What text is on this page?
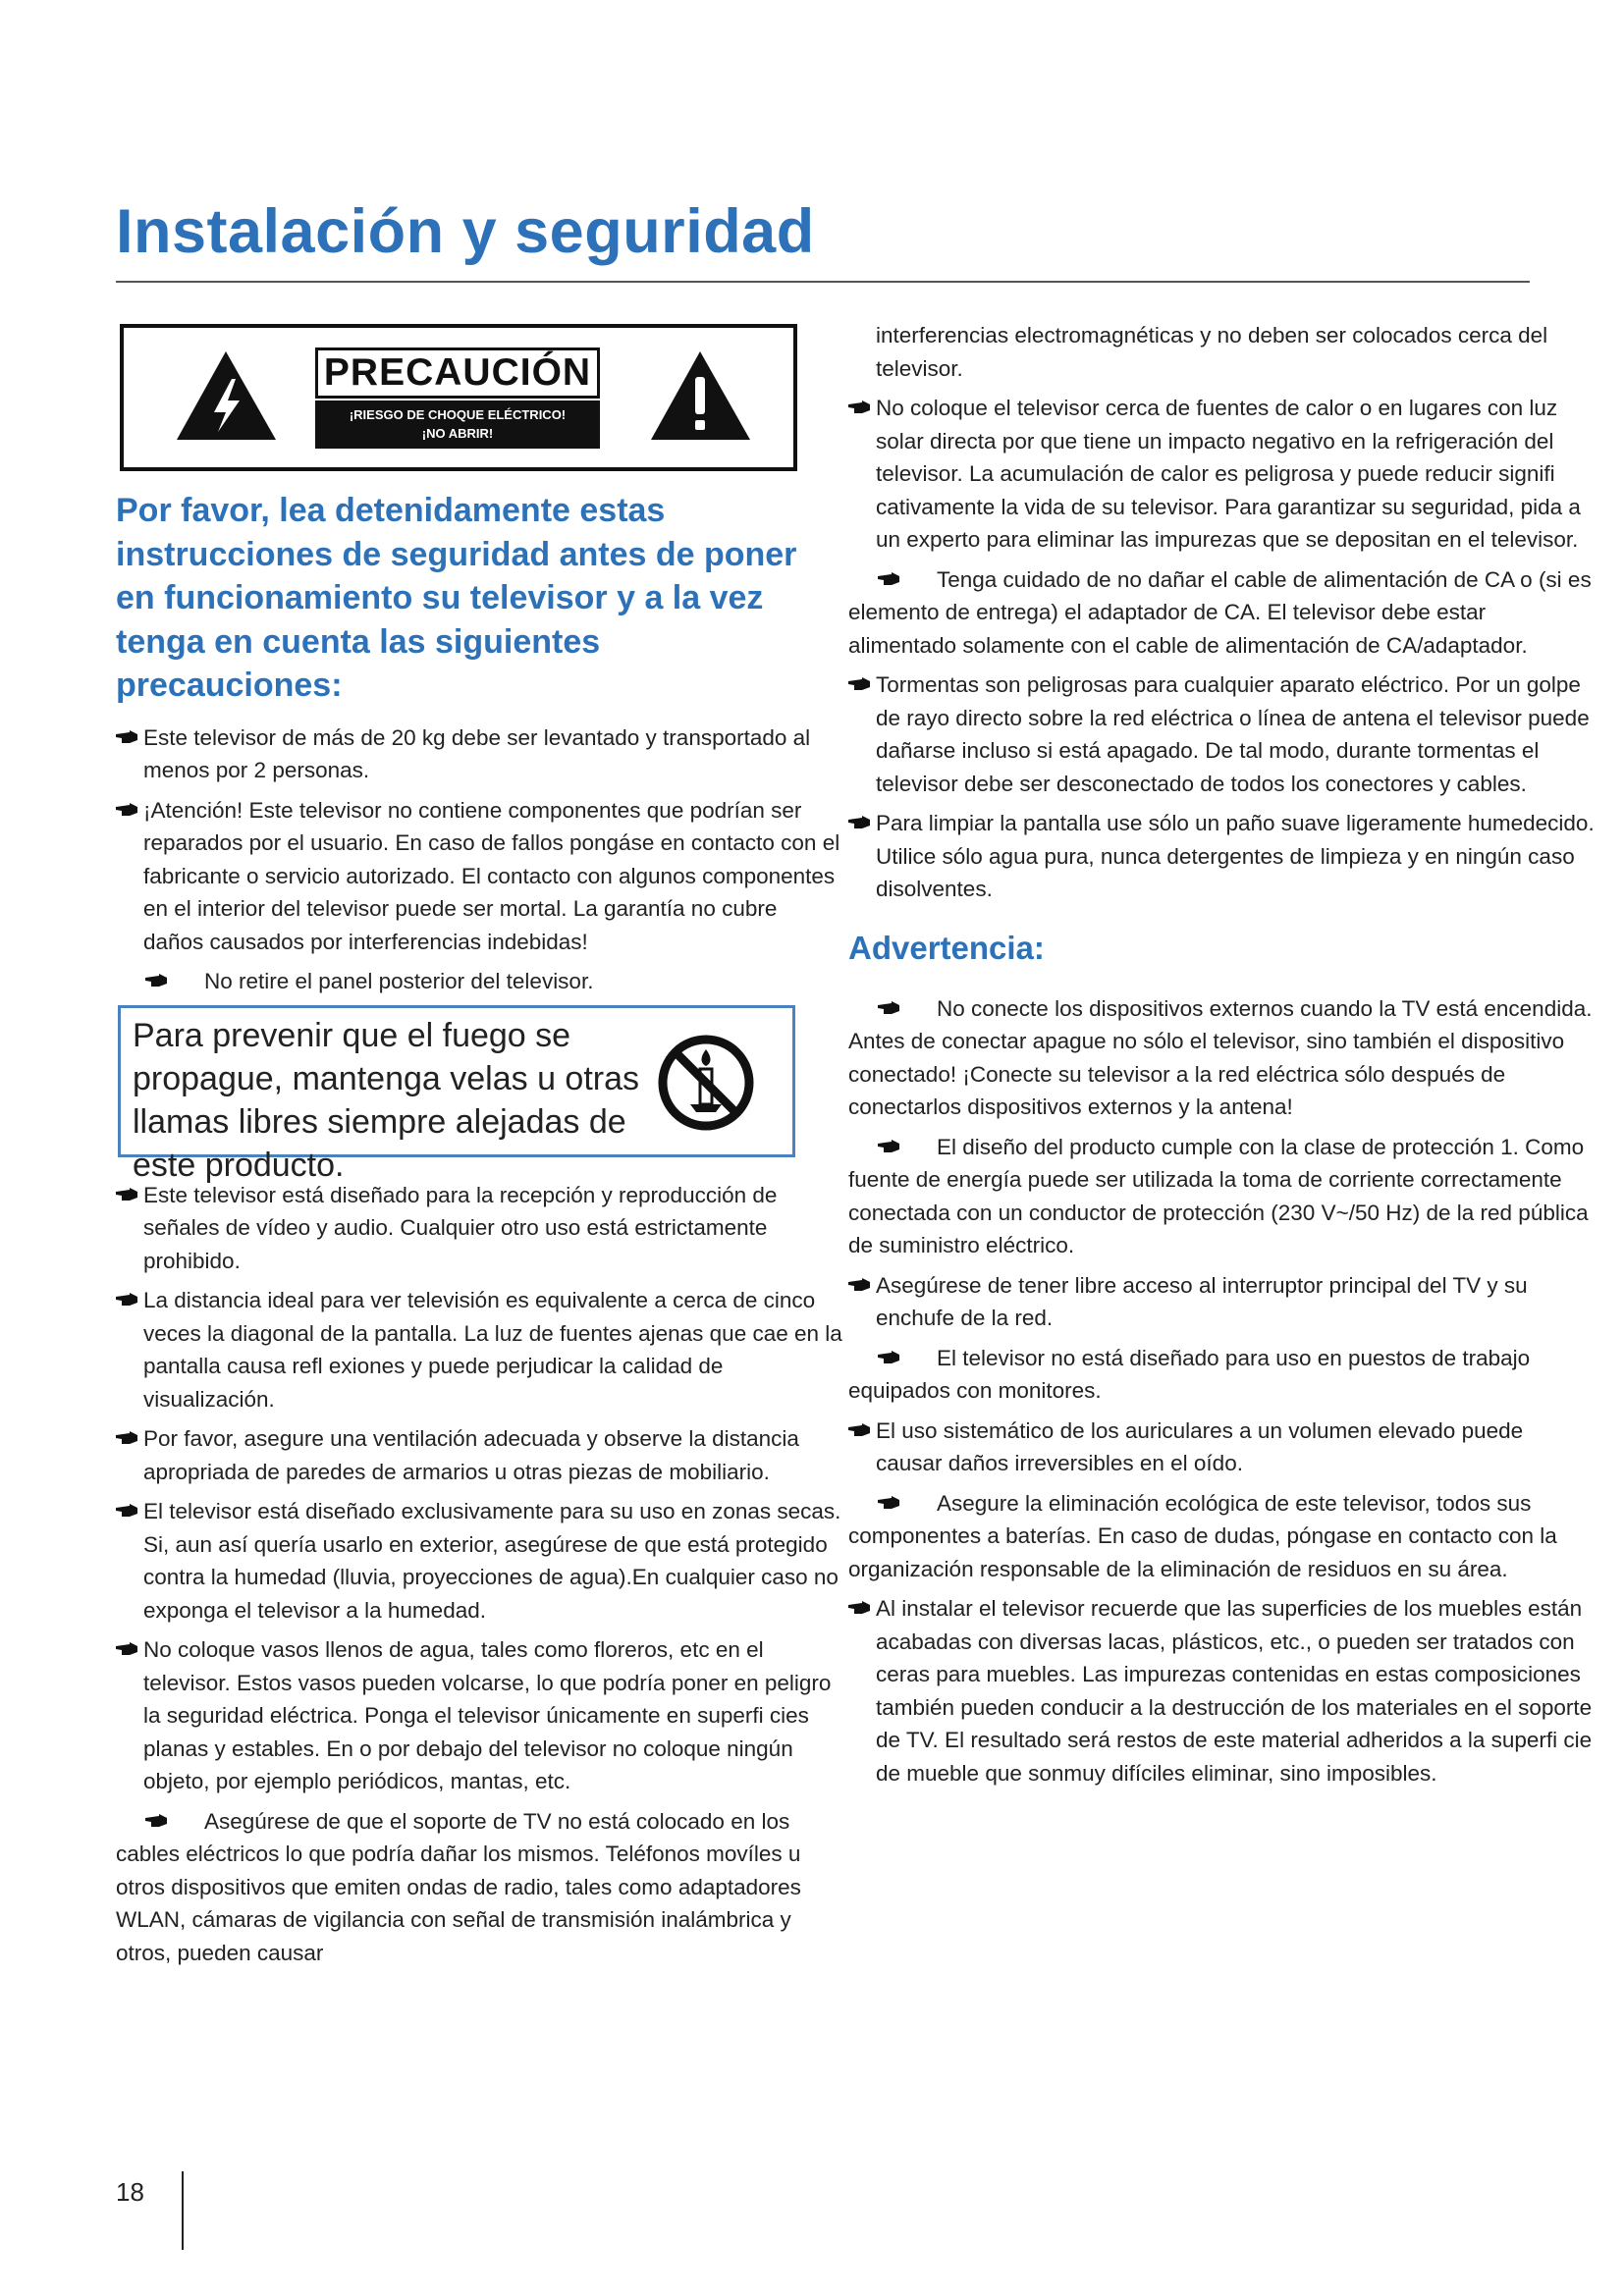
Instalación y seguridad
PRECAUCIÓN
¡RIESGO DE CHOQUE ELÉCTRICO!
¡NO ABRIR!

Por favor, lea detenidamente estas instrucciones de seguridad antes de poner en funcionamiento su televisor y a la vez tenga en cuenta las siguientes precauciones:

Este televisor de más de 20 kg debe ser levantado y transportado al menos por 2 personas.
¡Atención! Este televisor no contiene componentes que podrían ser reparados por el usuario. En caso de fallos pongáse en contacto con el fabricante o servicio autorizado. El contacto con algunos componentes en el interior del televisor puede ser mortal. La garantía no cubre daños causados por interferencias indebidas!
No retire el panel posterior del televisor.
Para prevenir que el fuego se propague, mantenga velas u otras llamas libres siempre alejadas de este producto.
Este televisor está diseñado para la recepción y reproducción de señales de vídeo y audio. Cualquier otro uso está estrictamente prohibido.
La distancia ideal para ver televisión es equivalente a cerca de cinco veces la diagonal de la pantalla. La luz de fuentes ajenas que cae en la pantalla causa refl exiones y puede perjudicar la calidad de visualización.
Por favor, asegure una ventilación adecuada y observe la distancia apropriada de paredes de armarios u otras piezas de mobiliario.
El televisor está diseñado exclusivamente para su uso en zonas secas. Si, aun así quería usarlo en exterior, asegúrese de que está protegido contra la humedad (lluvia, proyecciones de agua).En cualquier caso no exponga el televisor a la humedad.
No coloque vasos llenos de agua, tales como floreros, etc en el televisor. Estos vasos pueden volcarse, lo que podría poner en peligro la seguridad eléctrica. Ponga el televisor únicamente en superfi cies planas y estables. En o por debajo del televisor no coloque ningún objeto, por ejemplo periódicos, mantas, etc.
Asegúrese de que el soporte de TV no está colocado en los cables eléctricos lo que podría dañar los mismos. Teléfonos movíles u otros dispositivos que emiten ondas de radio, tales como adaptadores WLAN, cámaras de vigilancia con señal de transmisión inalámbrica y otros, pueden causar
interferencias electromagnéticas y no deben ser colocados cerca del televisor.
No coloque el televisor cerca de fuentes de calor o en lugares con luz solar directa por que tiene un impacto negativo en la refrigeración del televisor. La acumulación de calor es peligrosa y puede reducir signifi cativamente la vida de su televisor. Para garantizar su seguridad, pida a un experto para eliminar las impurezas que se depositan en el televisor.
Tenga cuidado de no dañar el cable de alimentación de CA o (si es elemento de entrega) el adaptador de CA. El televisor debe estar alimentado solamente con el cable de alimentación de CA/adaptador.
Tormentas son peligrosas para cualquier aparato eléctrico. Por un golpe de rayo directo sobre la red eléctrica o línea de antena el televisor puede dañarse incluso si está apagado. De tal modo, durante tormentas el televisor debe ser desconectado de todos los conectores y cables.
Para limpiar la pantalla use sólo un paño suave ligeramente humedecido. Utilice sólo agua pura, nunca detergentes de limpieza y en ningún caso disolventes.
Advertencia:
No conecte los dispositivos externos cuando la TV está encendida. Antes de conectar apague no sólo el televisor, sino también el dispositivo conectado! ¡Conecte su televisor a la red eléctrica sólo después de conectarlos dispositivos externos y la antena!
El diseño del producto cumple con la clase de protección 1. Como fuente de energía puede ser utilizada la toma de corriente correctamente conectada con un conductor de protección (230 V~/50 Hz) de la red pública de suministro eléctrico.
Asegúrese de tener libre acceso al interruptor principal del TV y su enchufe de la red.
El televisor no está diseñado para uso en puestos de trabajo equipados con monitores.
El uso sistemático de los auriculares a un volumen elevado puede causar daños irreversibles en el oído.
Asegure la eliminación ecológica de este televisor, todos sus componentes a baterías. En caso de dudas, póngase en contacto con la organización responsable de la eliminación de residuos en su área.
Al instalar el televisor recuerde que las superficies de los muebles están acabadas con diversas lacas, plásticos, etc., o pueden ser tratados con ceras para muebles. Las impurezas contenidas en estas composiciones también pueden conducir a la destrucción de los materiales en el soporte de TV. El resultado será restos de este material adheridos a la superfi cie de mueble que sonmuy difíciles eliminar, sino imposibles.
18
